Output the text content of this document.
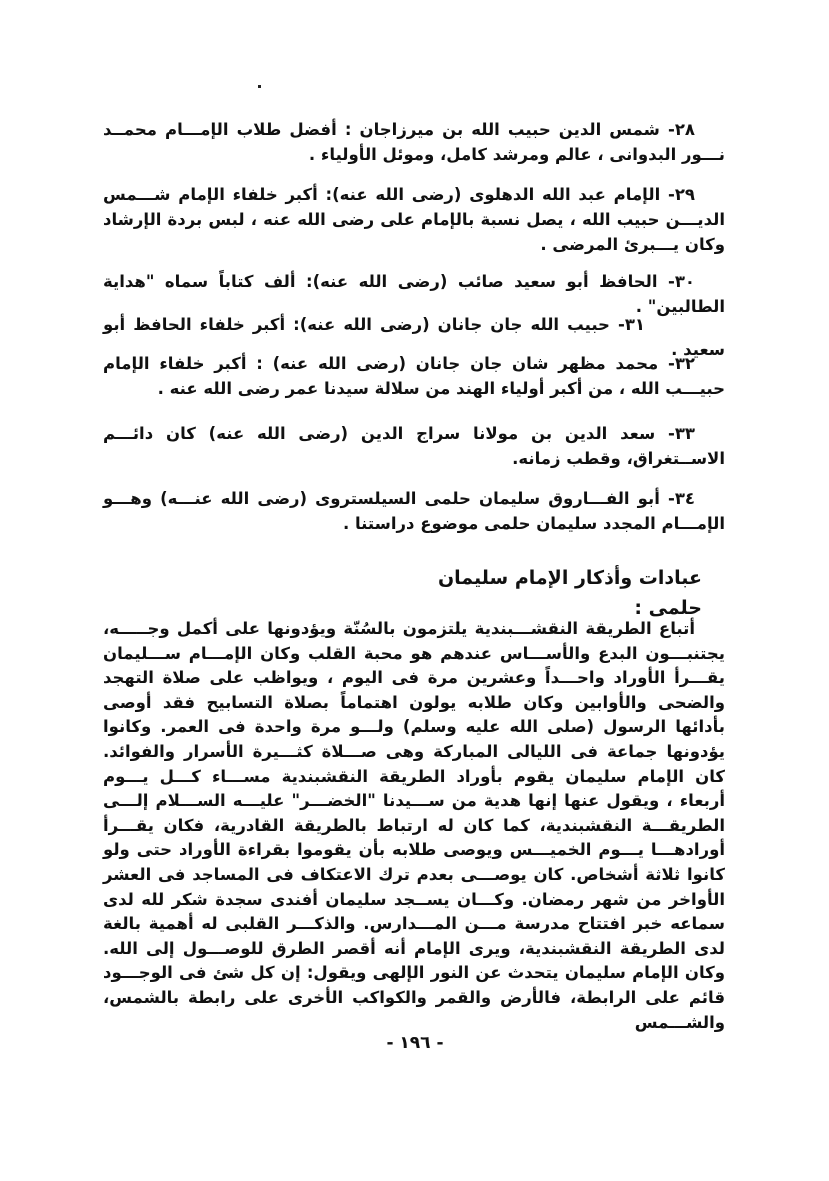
٢٨- شمس الدين حبيب الله بن ميرزاجان : أفضل طلاب الإمـــام محمــد نـــور البدوانى ، عالم ومرشد كامل، وموئل الأولياء .

٢٩- الإمام عبد الله الدهلوى (رضى الله عنه): أكبر خلفاء الإمام شـــمس الديـــن حبيب الله ، يصل نسبة بالإمام على رضى الله عنه ، لبس بردة الإرشاد وكان يـــبرئ المرضى .

٣٠- الحافظ أبو سعيد صائب (رضى الله عنه): ألف كتاباً سماه "هداية الطالبين" .

٣١- حبيب الله جان جانان (رضى الله عنه): أكبر خلفاء الحافظ أبو سعيد .

٣٢- محمد مظهر شان جان جانان (رضى الله عنه) : أكبر خلفاء الإمام حبيـــب الله ، من أكبر أولياء الهند من سلالة سيدنا عمر رضى الله عنه .

٣٣- سعد الدين بن مولانا سراج الدين (رضى الله عنه) كان دائـــم الاســتغراق، وقطب زمانه.

٣٤- أبو الفـــاروق سليمان حلمى السيلستروى (رضى الله عنـــه) وهـــو الإمـــام المجدد سليمان حلمى موضوع دراستنا .

عبادات وأذكار الإمام سليمان حلمى :

أتباع الطريقة النقشـــبندية يلتزمون بالسُنّة ويؤدونها على أكمل وجـــــه، يجتنبـــون البدع والأســـاس عندهم هو محبة القلب وكان الإمـــام ســـليمان يقـــرأ الأوراد واحـــداً وعشرين مرة فى اليوم ، ويواظب على صلاة التهجد والضحى والأوابين وكان طلابه يولون اهتماماً بصلاة التسابيح فقد أوصى بأدائها الرسول (صلى الله عليه وسلم) ولـــو مرة واحدة فى العمر. وكانوا يؤدونها جماعة فى الليالى المباركة وهى صـــلاة كثـــيرة الأسرار والفوائد. كان الإمام سليمان يقوم بأوراد الطريقة النقشبندية مســـاء كـــل يـــوم أربعاء ، ويقول عنها إنها هدية من ســـيدنا "الخضـــر" عليـــه الســـلام إلـــى الطريقـــة النقشبندية، كما كان له ارتباط بالطريقة القادرية، فكان يقـــرأ أورادهـــا يـــوم الخميـــس ويوصى طلابه بأن يقوموا بقراءة الأوراد حتى ولو كانوا ثلاثة أشخاص. كان يوصـــى بعدم ترك الاعتكاف فى المساجد فى العشر الأواخر من شهر رمضان. وكـــان يســجد سليمان أفندى سجدة شكر لله لدى سماعه خبر افتتاح مدرسة مـــن المـــدارس. والذكـــر القلبى له أهمية بالغة لدى الطريقة النقشبندية، ويرى الإمام أنه أقصر الطرق للوصـــول إلى الله. وكان الإمام سليمان يتحدث عن النور الإلهى ويقول: إن كل شئ فى الوجـــود قائم على الرابطة، فالأرض والقمر والكواكب الأخرى على رابطة بالشمس، والشـــمس

- ١٩٦ -
